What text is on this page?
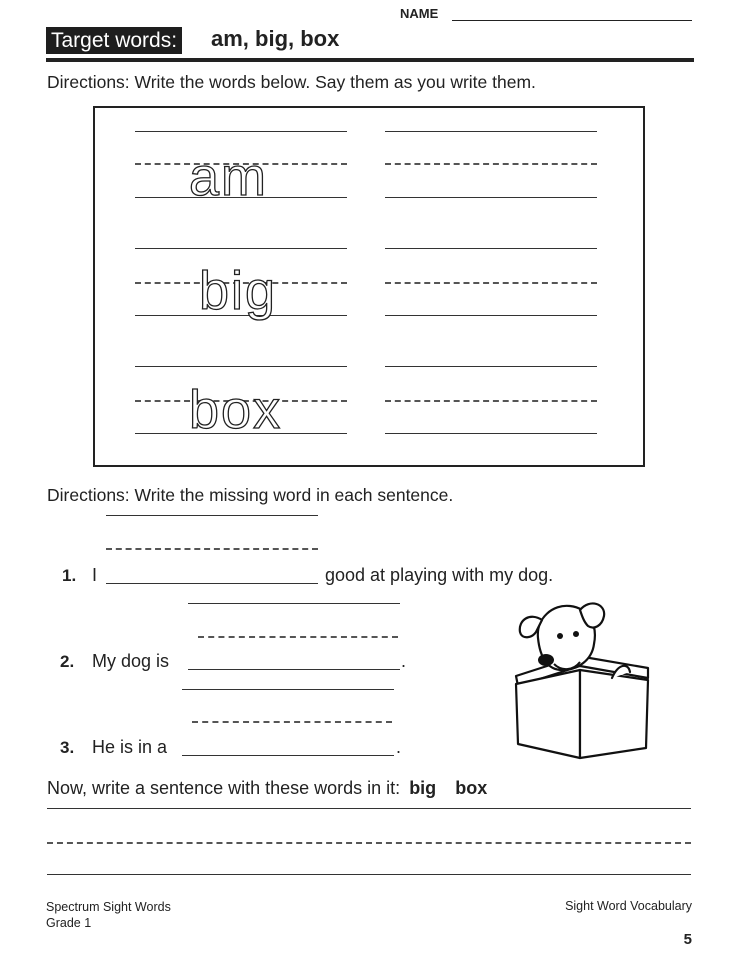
NAME
Target words: am, big, box
Directions: Write the words below. Say them as you write them.
am
big
box
Directions: Write the missing word in each sentence.
1. I	good at playing with my dog.
2. My dog is	.
3. He is in a	.
Now, write a sentence with these words in it: big box
Spectrum Sight Words
Grade 1
Sight Word Vocabulary
5
